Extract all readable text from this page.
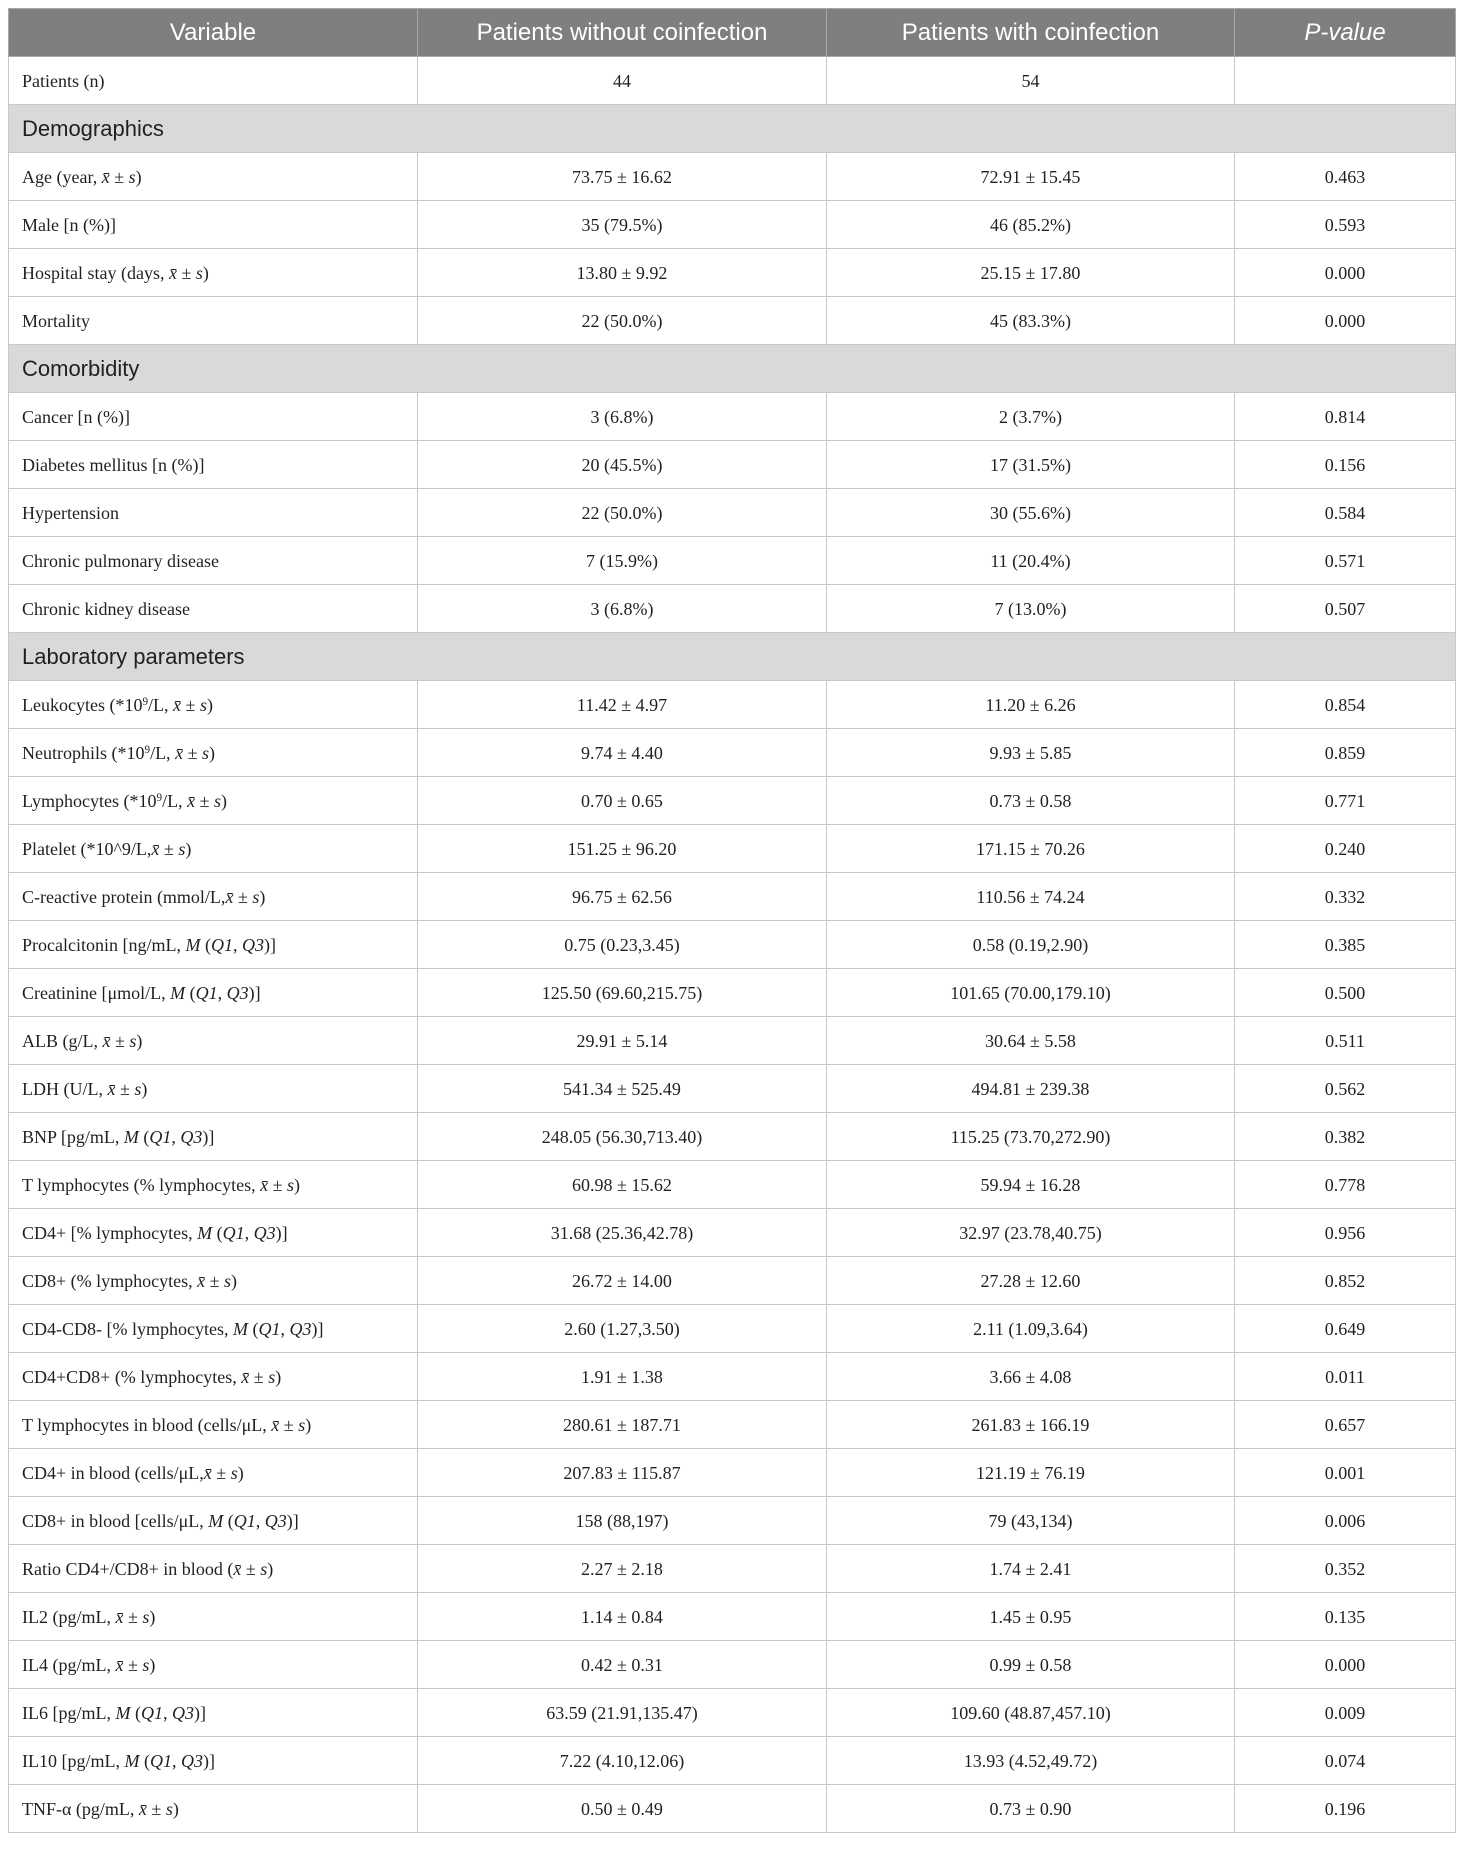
Variable	Patients without coinfection	Patients with coinfection	P-value
Patients (n)	44	54	
Demographics			
Age (year, x̄ ± s)	73.75 ± 16.62	72.91 ± 15.45	0.463
Male [n (%)]	35 (79.5%)	46 (85.2%)	0.593
Hospital stay (days, x̄ ± s)	13.80 ± 9.92	25.15 ± 17.80	0.000
Mortality	22 (50.0%)	45 (83.3%)	0.000
Comorbidity			
Cancer [n (%)]	3 (6.8%)	2 (3.7%)	0.814
Diabetes mellitus [n (%)]	20 (45.5%)	17 (31.5%)	0.156
Hypertension	22 (50.0%)	30 (55.6%)	0.584
Chronic pulmonary disease	7 (15.9%)	11 (20.4%)	0.571
Chronic kidney disease	3 (6.8%)	7 (13.0%)	0.507
Laboratory parameters			
Leukocytes ($*10^9/L$, x̄ ± s)	11.42 ± 4.97	11.20 ± 6.26	0.854
Neutrophils ($*10^9/L$, x̄ ± s)	9.74 ± 4.40	9.93 ± 5.85	0.859
Lymphocytes ($*10^9/L$, x̄ ± s)	0.70 ± 0.65	0.73 ± 0.58	0.771
Platelet (*10^9/L,x̄ ± s)	151.25 ± 96.20	171.15 ± 70.26	0.240
C-reactive protein (mmol/L,x̄ ± s)	96.75 ± 62.56	110.56 ± 74.24	0.332
Procalcitonin [ng/mL, M (Q1, Q3)]	0.75 (0.23,3.45)	0.58 (0.19,2.90)	0.385
Creatinine [μmol/L, M (Q1, Q3)]	125.50 (69.60,215.75)	101.65 (70.00,179.10)	0.500
ALB (g/L, x̄ ± s)	29.91 ± 5.14	30.64 ± 5.58	0.511
LDH (U/L, x̄ ± s)	541.34 ± 525.49	494.81 ± 239.38	0.562
BNP [pg/mL, M (Q1, Q3)]	248.05 (56.30,713.40)	115.25 (73.70,272.90)	0.382
T lymphocytes (% lymphocytes, x̄ ± s)	60.98 ± 15.62	59.94 ± 16.28	0.778
CD4+ [% lymphocytes, M (Q1, Q3)]	31.68 (25.36,42.78)	32.97 (23.78,40.75)	0.956
CD8+ (% lymphocytes, x̄ ± s)	26.72 ± 14.00	27.28 ± 12.60	0.852
CD4-CD8- [% lymphocytes, M (Q1, Q3)]	2.60 (1.27,3.50)	2.11 (1.09,3.64)	0.649
CD4+CD8+ (% lymphocytes, x̄ ± s)	1.91 ± 1.38	3.66 ± 4.08	0.011
T lymphocytes in blood (cells/μL, x̄ ± s)	280.61 ± 187.71	261.83 ± 166.19	0.657
CD4+ in blood (cells/μL,x̄ ± s)	207.83 ± 115.87	121.19 ± 76.19	0.001
CD8+ in blood [cells/μL, M (Q1, Q3)]	158 (88,197)	79 (43,134)	0.006
Ratio CD4+/CD8+ in blood (x̄ ± s)	2.27 ± 2.18	1.74 ± 2.41	0.352
IL2 (pg/mL, x̄ ± s)	1.14 ± 0.84	1.45 ± 0.95	0.135
IL4 (pg/mL, x̄ ± s)	0.42 ± 0.31	0.99 ± 0.58	0.000
IL6 [pg/mL, M (Q1, Q3)]	63.59 (21.91,135.47)	109.60 (48.87,457.10)	0.009
IL10 [pg/mL, M (Q1, Q3)]	7.22 (4.10,12.06)	13.93 (4.52,49.72)	0.074
TNF-α (pg/mL, x̄ ± s)	0.50 ± 0.49	0.73 ± 0.90	0.196
